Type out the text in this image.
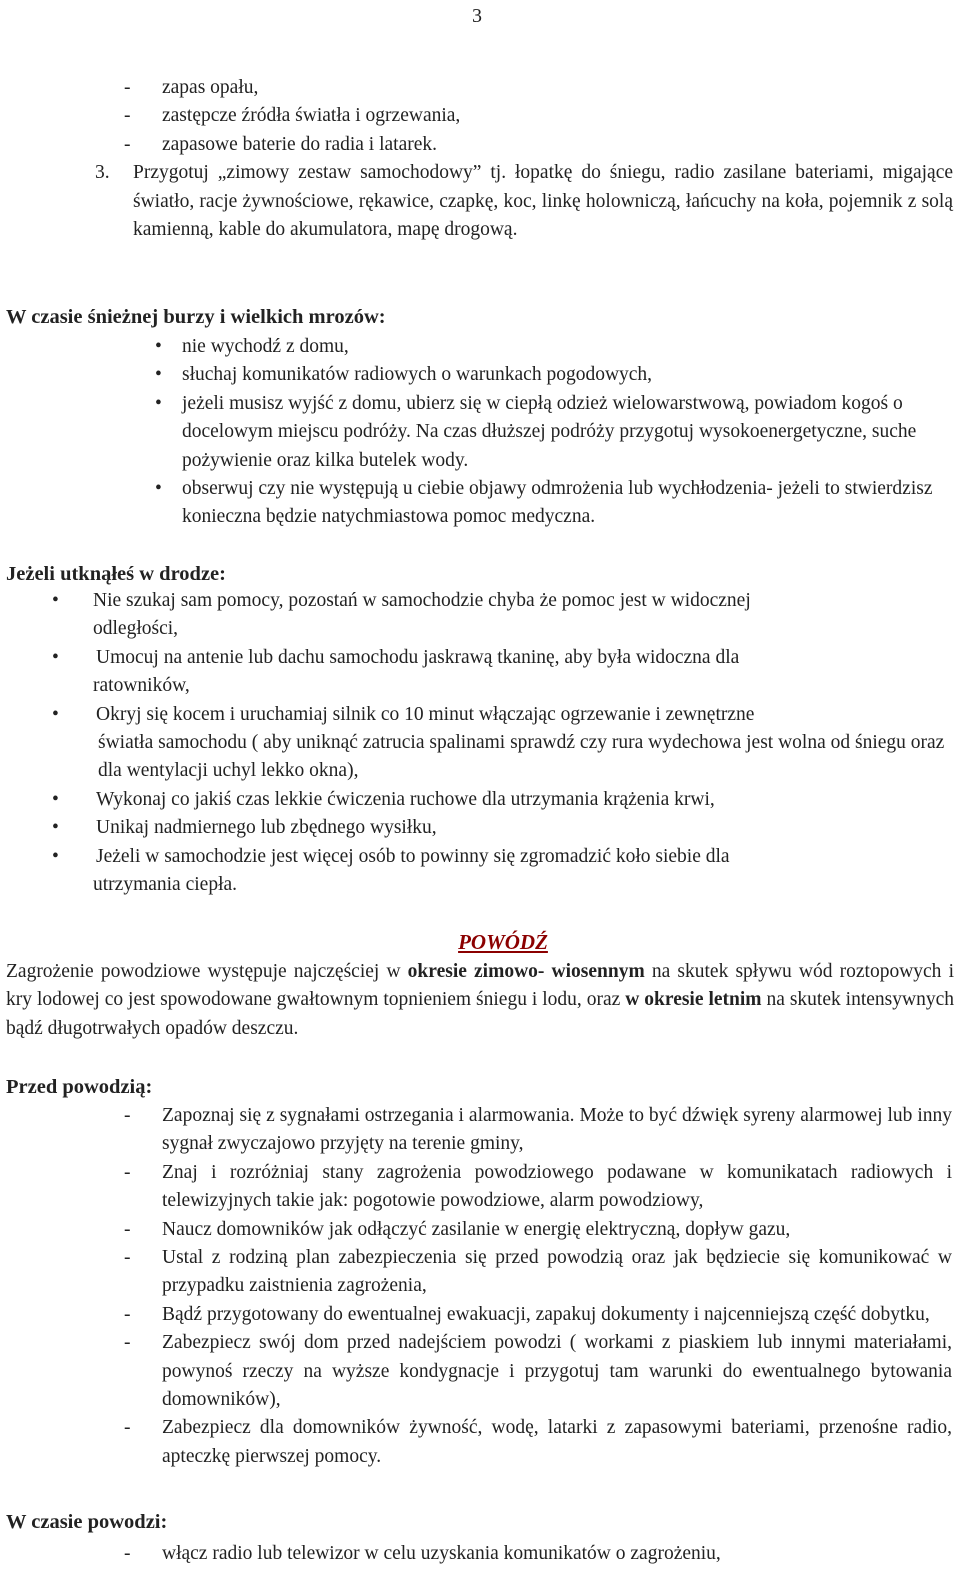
3
- zapas opału,
- zastępcze źródła światła i ogrzewania,
- zapasowe baterie do radia i latarek.
3. Przygotuj „zimowy zestaw samochodowy” tj. łopatkę do śniegu, radio zasilane bateriami, migające światło, racje żywnościowe, rękawice, czapkę, koc, linkę holowniczą, łańcuchy na koła, pojemnik z solą kamienną, kable do akumulatora, mapę drogową.
W czasie śnieżnej burzy i wielkich mrozów:
• nie wychodź z domu,
• słuchaj komunikatów radiowych o warunkach pogodowych,
• jeżeli musisz wyjść z domu, ubierz się w ciepłą odzież wielowarstwową, powiadom kogoś o docelowym miejscu podróży. Na czas dłuższej podróży przygotuj wysokoenergetyczne, suche pożywienie oraz kilka butelek wody.
• obserwuj czy nie występują u ciebie objawy odmrożenia lub wychłodzenia- jeżeli to stwierdzisz konieczna będzie natychmiastowa pomoc medyczna.
Jeżeli utknąłeś w drodze:
• Nie szukaj sam pomocy, pozostań w samochodzie chyba że pomoc jest w widocznej
odległości,
• Umocuj na antenie lub dachu samochodu jaskrawą tkaninę, aby była widoczna dla
ratowników,
• Okryj się kocem i uruchamiaj silnik co 10 minut włączając ogrzewanie i zewnętrzne
światła samochodu ( aby uniknąć zatrucia spalinami sprawdź czy rura wydechowa jest wolna od śniegu oraz dla wentylacji uchyl lekko okna),
• Wykonaj co jakiś czas lekkie ćwiczenia ruchowe dla utrzymania krążenia krwi,
• Unikaj nadmiernego lub zbędnego wysiłku,
• Jeżeli w samochodzie jest więcej osób to powinny się zgromadzić koło siebie dla
utrzymania ciepła.
POWÓDŹ
Zagrożenie powodziowe występuje najczęściej w okresie zimowo- wiosennym na skutek spływu wód roztopowych i kry lodowej co jest spowodowane gwałtownym topnieniem śniegu i lodu, oraz w okresie letnim na skutek intensywnych bądź długotrwałych opadów deszczu.
Przed powodzią:
- Zapoznaj się z sygnałami ostrzegania i alarmowania. Może to być dźwięk syreny alarmowej lub inny sygnał zwyczajowo przyjęty na terenie gminy,
- Znaj i rozróżniaj stany zagrożenia powodziowego podawane w komunikatach radiowych i telewizyjnych takie jak: pogotowie powodziowe, alarm powodziowy,
- Naucz domowników jak odłączyć zasilanie w energię elektryczną, dopływ gazu,
- Ustal z rodziną plan zabezpieczenia się przed powodzią oraz jak będziecie się komunikować w przypadku zaistnienia zagrożenia,
- Bądź przygotowany do ewentualnej ewakuacji, zapakuj dokumenty i najcenniejszą część dobytku,
- Zabezpiecz swój dom przed nadejściem powodzi ( workami z piaskiem lub innymi materiałami, powynoś rzeczy na wyższe kondygnacje i przygotuj tam warunki do ewentualnego bytowania domowników),
- Zabezpiecz dla domowników żywność, wodę, latarki z zapasowymi bateriami, przenośne radio, apteczkę pierwszej pomocy.
W czasie powodzi:
- włącz radio lub telewizor w celu uzyskania komunikatów o zagrożeniu,
